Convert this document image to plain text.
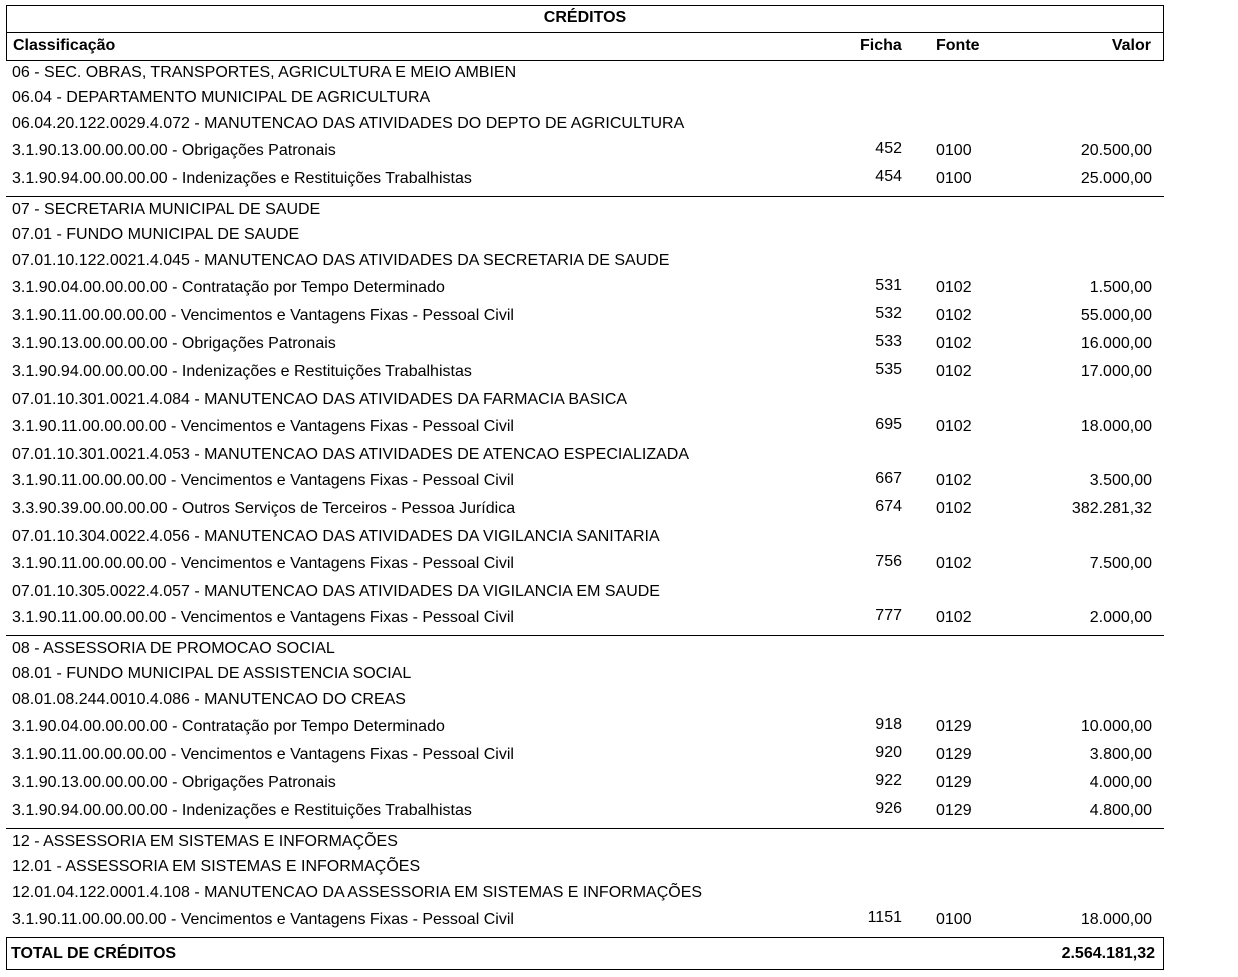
CRÉDITOS
Classificação	Ficha Fonte	Valor
06 - SEC. OBRAS, TRANSPORTES, AGRICULTURA E MEIO AMBIEN
06.04 - DEPARTAMENTO MUNICIPAL DE AGRICULTURA
06.04.20.122.0029.4.072 - MANUTENCAO DAS ATIVIDADES DO DEPTO DE AGRICULTURA
3.1.90.13.00.00.00.00 - Obrigações Patronais	452 0100	20.500,00
3.1.90.94.00.00.00.00 - Indenizações e Restituições Trabalhistas	454 0100	25.000,00
07 - SECRETARIA MUNICIPAL DE SAUDE
07.01 - FUNDO MUNICIPAL DE SAUDE
07.01.10.122.0021.4.045 - MANUTENCAO DAS ATIVIDADES DA SECRETARIA DE SAUDE
3.1.90.04.00.00.00.00 - Contratação por Tempo Determinado	531 0102	1.500,00
3.1.90.11.00.00.00.00 - Vencimentos e Vantagens Fixas - Pessoal Civil	532 0102	55.000,00
3.1.90.13.00.00.00.00 - Obrigações Patronais	533 0102	16.000,00
3.1.90.94.00.00.00.00 - Indenizações e Restituições Trabalhistas	535 0102	17.000,00
07.01.10.301.0021.4.084 - MANUTENCAO DAS ATIVIDADES DA FARMACIA BASICA
3.1.90.11.00.00.00.00 - Vencimentos e Vantagens Fixas - Pessoal Civil	695 0102	18.000,00
07.01.10.301.0021.4.053 - MANUTENCAO DAS ATIVIDADES DE ATENCAO ESPECIALIZADA
3.1.90.11.00.00.00.00 - Vencimentos e Vantagens Fixas - Pessoal Civil	667 0102	3.500,00
3.3.90.39.00.00.00.00 - Outros Serviços de Terceiros - Pessoa Jurídica	674 0102	382.281,32
07.01.10.304.0022.4.056 - MANUTENCAO DAS ATIVIDADES DA VIGILANCIA SANITARIA
3.1.90.11.00.00.00.00 - Vencimentos e Vantagens Fixas - Pessoal Civil	756 0102	7.500,00
07.01.10.305.0022.4.057 - MANUTENCAO DAS ATIVIDADES DA VIGILANCIA EM SAUDE
3.1.90.11.00.00.00.00 - Vencimentos e Vantagens Fixas - Pessoal Civil	777 0102	2.000,00
08 - ASSESSORIA DE PROMOCAO SOCIAL
08.01 - FUNDO MUNICIPAL DE ASSISTENCIA SOCIAL
08.01.08.244.0010.4.086 - MANUTENCAO DO CREAS
3.1.90.04.00.00.00.00 - Contratação por Tempo Determinado	918 0129	10.000,00
3.1.90.11.00.00.00.00 - Vencimentos e Vantagens Fixas - Pessoal Civil	920 0129	3.800,00
3.1.90.13.00.00.00.00 - Obrigações Patronais	922 0129	4.000,00
3.1.90.94.00.00.00.00 - Indenizações e Restituições Trabalhistas	926 0129	4.800,00
12 - ASSESSORIA EM SISTEMAS E INFORMAÇÕES
12.01 - ASSESSORIA EM SISTEMAS E INFORMAÇÕES
12.01.04.122.0001.4.108 - MANUTENCAO DA ASSESSORIA EM SISTEMAS E INFORMAÇÕES
3.1.90.11.00.00.00.00 - Vencimentos e Vantagens Fixas - Pessoal Civil	1151 0100	18.000,00
TOTAL DE CRÉDITOS	2.564.181,32
